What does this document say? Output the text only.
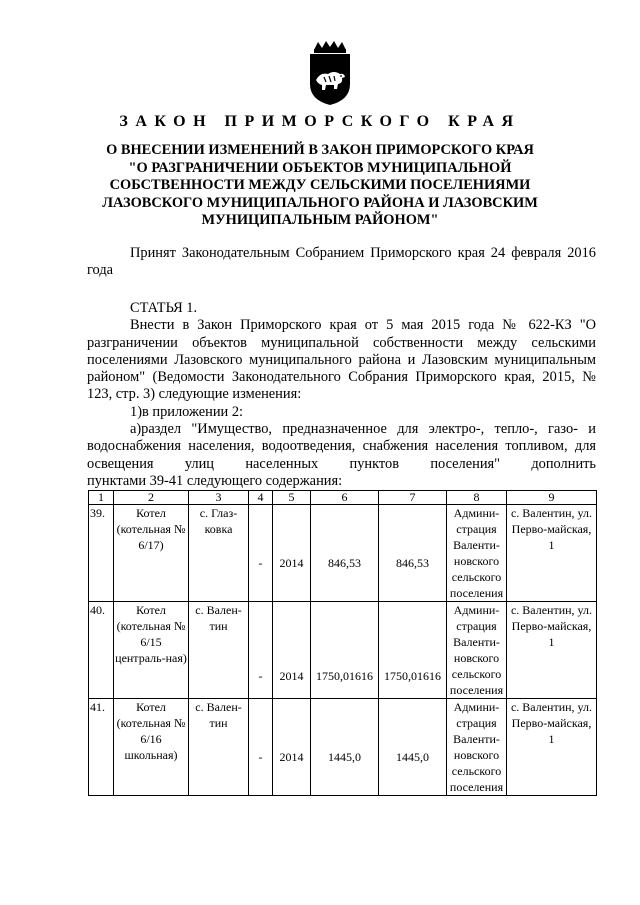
ЗАКОН ПРИМОРСКОГО КРАЯ
О ВНЕСЕНИИ ИЗМЕНЕНИЙ В ЗАКОН ПРИМОРСКОГО КРАЯ
"О РАЗГРАНИЧЕНИИ ОБЪЕКТОВ МУНИЦИПАЛЬНОЙ
СОБСТВЕННОСТИ МЕЖДУ СЕЛЬСКИМИ ПОСЕЛЕНИЯМИ
ЛАЗОВСКОГО МУНИЦИПАЛЬНОГО РАЙОНА И ЛАЗОВСКИМ
МУНИЦИПАЛЬНЫМ РАЙОНОМ"
Принят Законодательным Собранием Приморского края 24 февраля 2016 года

СТАТЬЯ 1.

Внести в Закон Приморского края от 5 мая 2015 года № 622-КЗ "О разграничении объектов муниципальной собственности между сельскими поселениями Лазовского муниципального района и Лазовским муниципальным районом" (Ведомости Законодательного Собрания Приморского края, 2015, № 123, стр. 3) следующие изменения:

1)в приложении 2:

а)раздел "Имущество, предназначенное для электро-, тепло-, газо- и водоснабжения населения, водоотведения, снабжения населения топливом, для освещения улиц населенных пунктов поселения" дополнить

пунктами 39-41 следующего содержания:

1	2	3	4	5	6	7	8	9
39.	Котел (котельная № 6/17)	с. Глаз-ковка	-	2014	846,53	846,53	Админи-страция Валенти-новского сельского поселения	с. Валентин, ул. Перво-майская, 1
40.	Котел (котельная № 6/15 централь-ная)	с. Вален-тин	-	2014	1750,01616	1750,01616	Админи-страция Валенти-новского сельского поселения	с. Валентин, ул. Перво-майская, 1
41.	Котел (котельная № 6/16 школьная)	с. Вален-тин	-	2014	1445,0	1445,0	Админи-страция Валенти-новского сельского поселения	с. Валентин, ул. Перво-майская, 1
